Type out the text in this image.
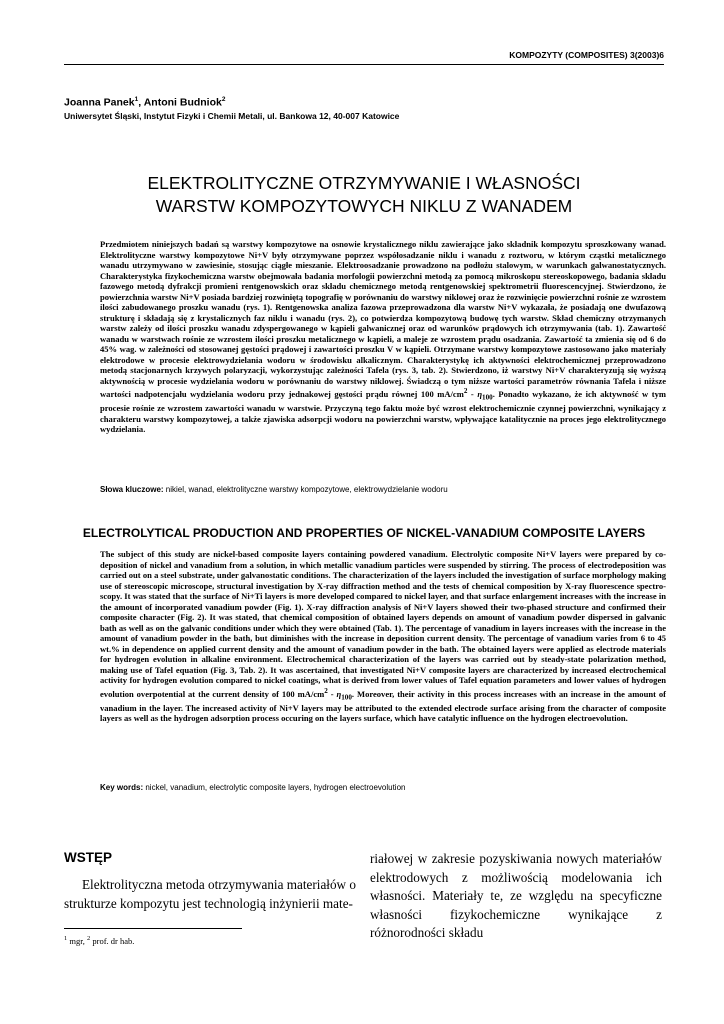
KOMPOZYTY (COMPOSITES) 3(2003)6
Joanna Panek$^1$, Antoni Budniok$^2$
Uniwersytet Śląski, Instytut Fizyki i Chemii Metali, ul. Bankowa 12, 40-007 Katowice
ELEKTROLITYCZNE OTRZYMYWANIE I WŁASNOŚCI
WARSTW KOMPOZYTOWYCH NIKLU Z WANADEM

Przedmiotem niniejszych badań są warstwy kompozytowe na osnowie krystalicznego niklu zawierające jako składnik kompozytu sproszkowany wanad. Elektrolityczne warstwy kompozytowe Ni+V były otrzymywane poprzez współosadzanie niklu i wanadu z roztworu, w którym cząstki metalicznego wanadu utrzymywano w zawiesinie, stosując ciągłe mieszanie. Elektroosadzanie prowadzono na podłożu stalowym, w warunkach galwanostatycznych. Charakterystyka fizykochemiczna warstw obejmowała badania morfologii powierzchni metodą za pomocą mikroskopu stereoskopowego, badania składu fazowego metodą dyfrakcji promieni rentgenowskich oraz składu chemicznego metodą rentgenowskiej spektrometrii fluorescencyjnej. Stwierdzono, że powierzchnia warstw Ni+V posiada bardziej rozwiniętą topografię w porównaniu do warstwy niklowej oraz że rozwinięcie powierzchni rośnie ze wzrostem ilości zabudowanego proszku wanadu (rys. 1). Rentgenowska analiza fazowa przeprowadzona dla warstw Ni+V wykazała, że posiadają one dwufazową strukturę i składają się z krystalicznych faz niklu i wanadu (rys. 2), co potwierdza kompozytową budowę tych warstw. Skład chemiczny otrzymanych warstw zależy od ilości proszku wanadu zdyspergowanego w kąpieli galwanicznej oraz od warunków prądowych ich otrzymywania (tab. 1). Zawartość wanadu w warstwach rośnie ze wzrostem ilości proszku metalicznego w kąpieli, a maleje ze wzrostem prądu osadzania. Zawartość ta zmienia się od 6 do 45% wag. w zależności od stosowanej gęstości prądowej i zawartości proszku V w kąpieli. Otrzymane warstwy kompozytowe zastosowano jako materiały elektrodowe w procesie elektrowydzielania wodoru w środowisku alkalicznym. Charakterystykę ich aktywności elektrochemicznej przeprowadzono metodą stacjonarnych krzywych polaryzacji, wykorzystując zależności Tafela (rys. 3, tab. 2). Stwierdzono, iż warstwy Ni+V charakteryzują się wyższą aktywnością w procesie wydzielania wodoru w porównaniu do warstwy niklowej. Świadczą o tym niższe wartości parametrów równania Tafela i niższe wartości nadpotencjału wydzielania wodoru przy jednakowej gęstości prądu równej 100 $mA/cm^2 - \eta_{100}$. Ponadto wykazano, że ich aktywność w tym procesie rośnie ze wzrostem zawartości wanadu w warstwie. Przyczyną tego faktu może być wzrost elektrochemicznie czynnej powierzchni, wynikający z charakteru warstwy kompozytowej, a także zjawiska adsorpcji wodoru na powierzchni warstw, wpływające katalitycznie na proces jego elektrolitycznego wydzielania.

Słowa kluczowe: nikiel, wanad, elektrolityczne warstwy kompozytowe, elektrowydzielanie wodoru
ELECTROLYTICAL PRODUCTION AND PROPERTIES OF NICKEL-VANADIUM COMPOSITE LAYERS

The subject of this study are nickel-based composite layers containing powdered vanadium. Electrolytic composite Ni+V layers were prepared by co-deposition of nickel and vanadium from a solution, in which metallic vanadium particles were suspended by stirring. The process of electrodeposition was carried out on a steel substrate, under galvanostatic conditions. The characterization of the layers included the investigation of surface morphology making use of stereoscopic microscope, structural investigation by X-ray diffraction method and the tests of chemical composition by X-ray fluorescence spectro-scopy. It was stated that the surface of Ni+Ti layers is more developed compared to nickel layer, and that surface enlargement increases with the increase in the amount of incorporated vanadium powder (Fig. 1). X-ray diffraction analysis of Ni+V layers showed their two-phased structure and confirmed their composite character (Fig. 2). It was stated, that chemical composition of obtained layers depends on amount of vanadium powder dispersed in galvanic bath as well as on the galvanic conditions under which they were obtained (Tab. 1). The percentage of vanadium in layers increases with the increase in the amount of vanadium powder in the bath, but diminishes with the increase in deposition current density. The percentage of vanadium varies from 6 to 45 wt.% in dependence on applied current density and the amount of vanadium powder in the bath. The obtained layers were applied as electrode materials for hydrogen evolution in alkaline environment. Electrochemical characterization of the layers was carried out by steady-state polarization method, making use of Tafel equation (Fig. 3, Tab. 2). It was ascertained, that investigated Ni+V composite layers are characterized by increased electrochemical activity for hydrogen evolution compared to nickel coatings, what is derived from lower values of Tafel equation parameters and lower values of hydrogen evolution overpotential at the current density of 100 $mA/cm^2 - \eta_{100}$. Moreover, their activity in this process increases with an increase in the amount of vanadium in the layer. The increased activity of Ni+V layers may be attributed to the extended electrode surface arising from the character of composite layers as well as the hydrogen adsorption process occuring on the layers surface, which have catalytic influence on the hydrogen electroevolution.

Key words: nickel, vanadium, electrolytic composite layers, hydrogen electroevolution
WSTĘP

Elektrolityczna metoda otrzymywania materiałów o strukturze kompozytu jest technologią inżynierii mate-

riałowej w zakresie pozyskiwania nowych materiałów elektrodowych z możliwością modelowania ich własności. Materiały te, ze względu na specyficzne własności fizykochemiczne wynikające z różnorodności składu

$^1$ mgr, $^2$ prof. dr hab.
